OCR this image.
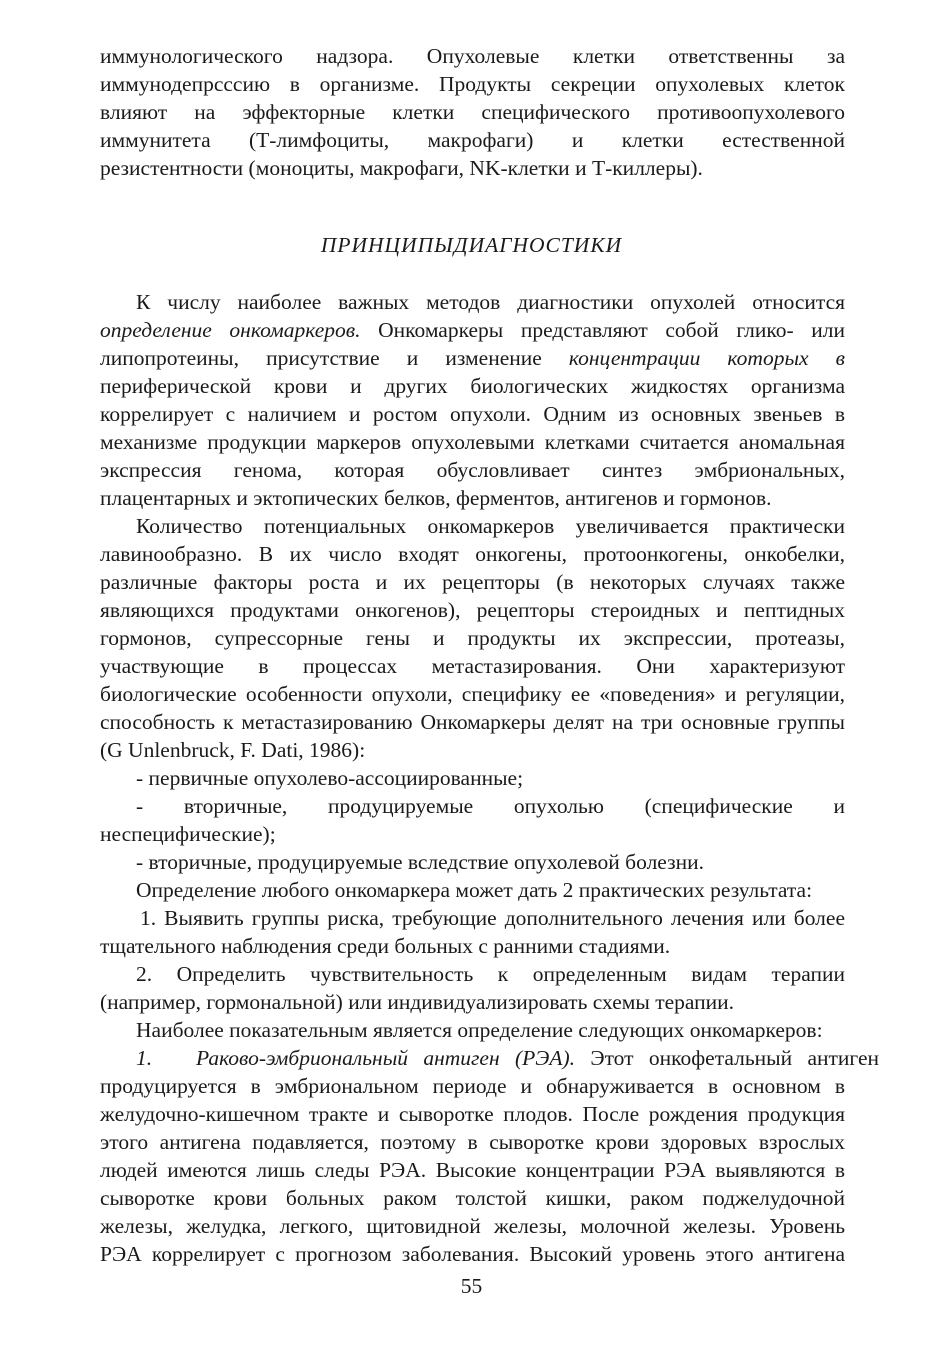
иммунологического надзора. Опухолевые клетки ответственны за
иммунодепрсссию в организме. Продукты секреции опухолевых клеток
влияют на эффекторные клетки специфического противоопухолевого
иммунитета (Т-лимфоциты, макрофаги) и клетки естественной
резистентности (моноциты, макрофаги, NK-клетки и Т-киллеры).
ПРИНЦИПЫДИАГНОСТИКИ
К числу наиболее важных методов диагностики опухолей относится
определение онкомаркеров. Онкомаркеры представляют собой глико- или
липопротеины, присутствие и изменение концентрации которых в
периферической крови и других биологических жидкостях организма
коррелирует с наличием и ростом опухоли. Одним из основных звеньев в
механизме продукции маркеров опухолевыми клетками считается аномальная
экспрессия генома, которая обусловливает синтез эмбриональных,
плацентарных и эктопических белков, ферментов, антигенов и гормонов.
Количество потенциальных онкомаркеров увеличивается практически
лавинообразно. В их число входят онкогены, протоонкогены, онкобелки,
различные факторы роста и их рецепторы (в некоторых случаях также
являющихся продуктами онкогенов), рецепторы стероидных и пептидных
гормонов, супрессорные гены и продукты их экспрессии, протеазы,
участвующие в процессах метастазирования. Они характеризуют
биологические особенности опухоли, специфику ее «поведения» и регуляции,
способность к метастазированию Онкомаркеры делят на три основные группы
(G Unlenbruck, F. Dati, 1986):
- первичные опухолево-ассоциированные;
- вторичные, продуцируемые опухолью (специфические и
неспецифические);
- вторичные, продуцируемые вследствие опухолевой болезни.
Определение любого онкомаркера может дать 2 практических результата:
1. Выявить группы риска, требующие дополнительного лечения или более
тщательного наблюдения среди больных с ранними стадиями.
2. Определить чувствительность к определенным видам терапии
(например, гормональной) или индивидуализировать схемы терапии.
Наиболее показательным является определение следующих онкомаркеров:
1. Раково-эмбриональный антиген (РЭА). Этот онкофетальный антиген
продуцируется в эмбриональном периоде и обнаруживается в основном в
желудочно-кишечном тракте и сыворотке плодов. После рождения продукция
этого антигена подавляется, поэтому в сыворотке крови здоровых взрослых
людей имеются лишь следы РЭА. Высокие концентрации РЭА выявляются в
сыворотке крови больных раком толстой кишки, раком поджелудочной
железы, желудка, легкого, щитовидной железы, молочной железы. Уровень
РЭА коррелирует с прогнозом заболевания. Высокий уровень этого антигена
55
